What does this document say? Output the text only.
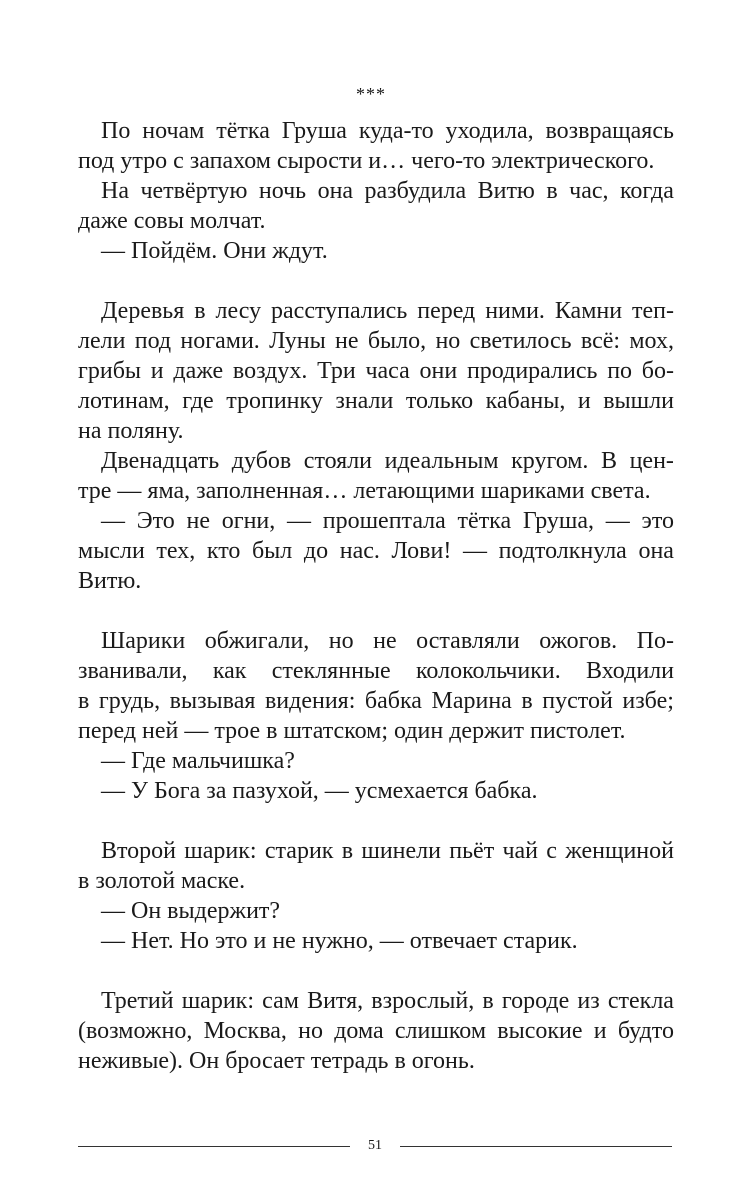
***
По ночам тётка Груша куда-то уходила, возвращаясь
под утро с запахом сырости и… чего-то электрического.
На четвёртую ночь она разбудила Витю в час, когда
даже совы молчат.
— Пойдём. Они ждут.
Деревья в лесу расступались перед ними. Камни теп-
лели под ногами. Луны не было, но светилось всё: мох,
грибы и даже воздух. Три часа они продирались по бо-
лотинам, где тропинку знали только кабаны, и вышли
на поляну.
Двенадцать дубов стояли идеальным кругом. В цен-
тре — яма, заполненная… летающими шариками света.
— Это не огни, — прошептала тётка Груша, — это
мысли тех, кто был до нас. Лови! — подтолкнула она
Витю.
Шарики обжигали, но не оставляли ожогов. По-
званивали, как стеклянные колокольчики. Входили
в грудь, вызывая видения: бабка Марина в пустой избе;
перед ней — трое в штатском; один держит пистолет.
— Где мальчишка?
— У Бога за пазухой, — усмехается бабка.
Второй шарик: старик в шинели пьёт чай с женщиной
в золотой маске.
— Он выдержит?
— Нет. Но это и не нужно, — отвечает старик.
Третий шарик: сам Витя, взрослый, в городе из стекла
(возможно, Москва, но дома слишком высокие и будто
неживые). Он бросает тетрадь в огонь.
51
